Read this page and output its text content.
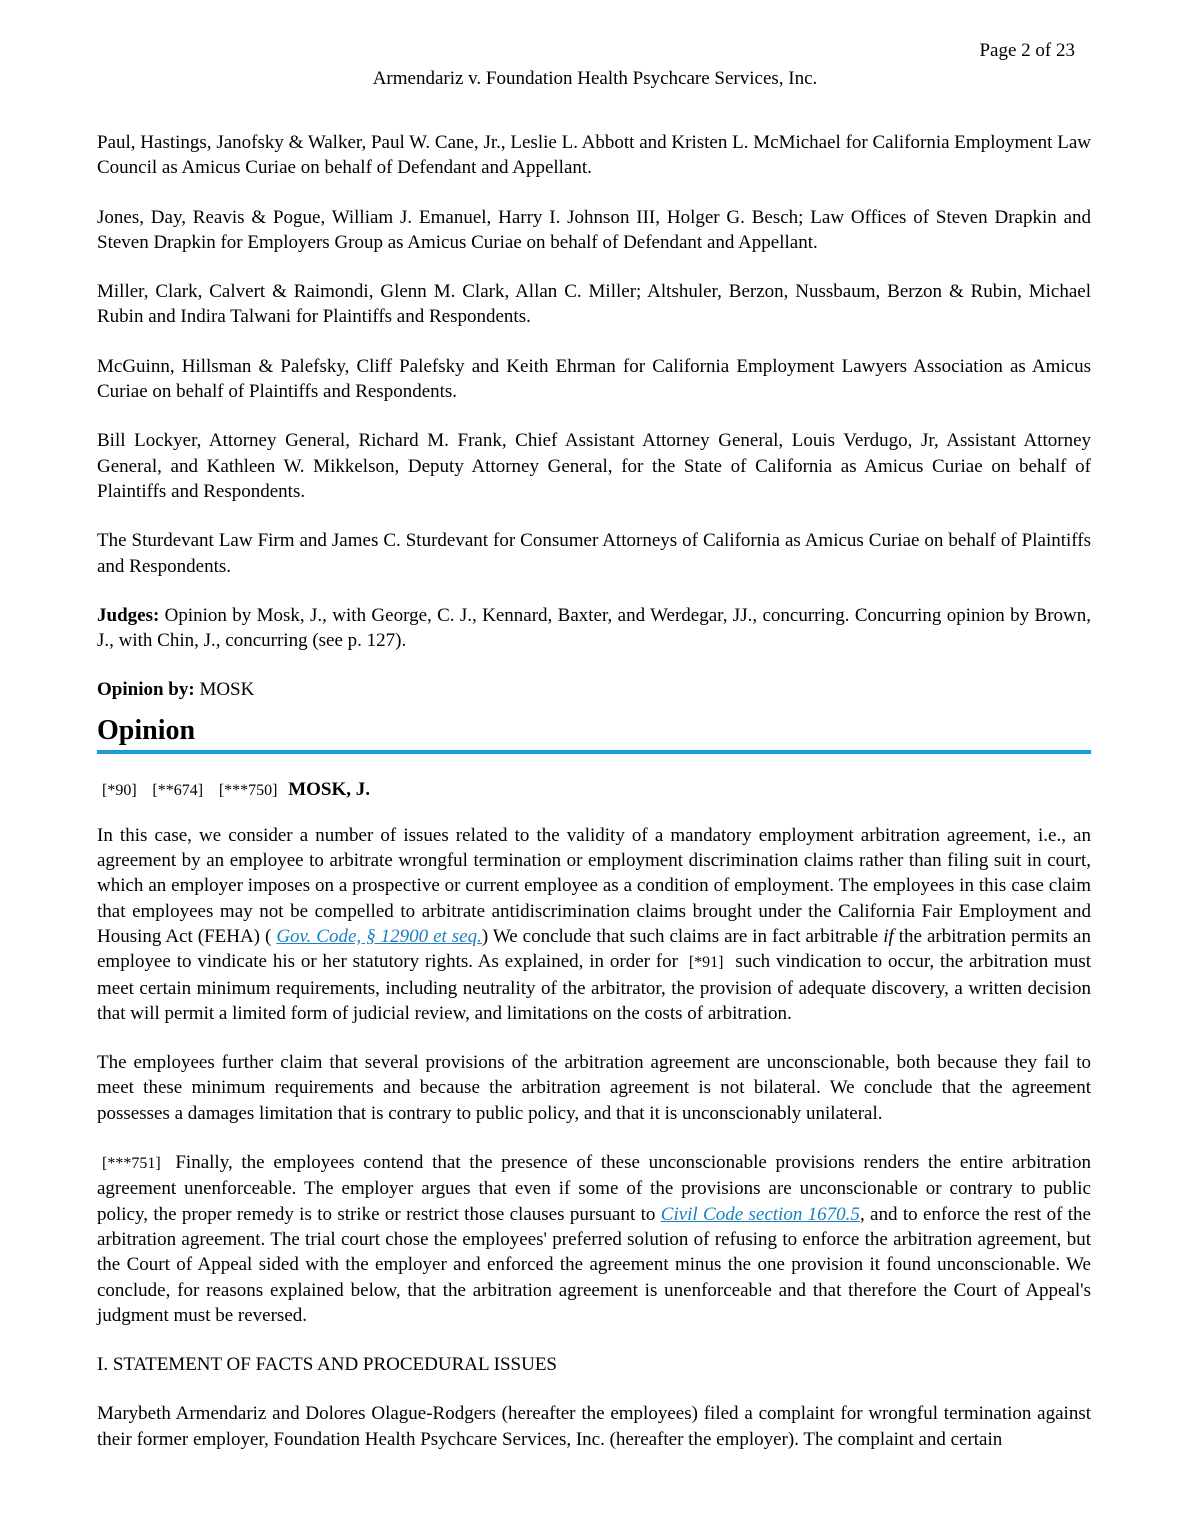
Page 2 of 23
Armendariz v. Foundation Health Psychcare Services, Inc.

Paul, Hastings, Janofsky & Walker, Paul W. Cane, Jr., Leslie L. Abbott and Kristen L. McMichael for California Employment Law Council as Amicus Curiae on behalf of Defendant and Appellant.

Jones, Day, Reavis & Pogue, William J. Emanuel, Harry I. Johnson III, Holger G. Besch; Law Offices of Steven Drapkin and Steven Drapkin for Employers Group as Amicus Curiae on behalf of Defendant and Appellant.

Miller, Clark, Calvert & Raimondi, Glenn M. Clark, Allan C. Miller; Altshuler, Berzon, Nussbaum, Berzon & Rubin, Michael Rubin and Indira Talwani for Plaintiffs and Respondents.

McGuinn, Hillsman & Palefsky, Cliff Palefsky and Keith Ehrman for California Employment Lawyers Association as Amicus Curiae on behalf of Plaintiffs and Respondents.

Bill Lockyer, Attorney General, Richard M. Frank, Chief Assistant Attorney General, Louis Verdugo, Jr, Assistant Attorney General, and Kathleen W. Mikkelson, Deputy Attorney General, for the State of California as Amicus Curiae on behalf of Plaintiffs and Respondents.

The Sturdevant Law Firm and James C. Sturdevant for Consumer Attorneys of California as Amicus Curiae on behalf of Plaintiffs and Respondents.

Judges: Opinion by Mosk, J., with George, C. J., Kennard, Baxter, and Werdegar, JJ., concurring. Concurring opinion by Brown, J., with Chin, J., concurring (see p. 127).

Opinion by: MOSK

Opinion
[*90] [**674] [***750] MOSK, J.

In this case, we consider a number of issues related to the validity of a mandatory employment arbitration agreement, i.e., an agreement by an employee to arbitrate wrongful termination or employment discrimination claims rather than filing suit in court, which an employer imposes on a prospective or current employee as a condition of employment. The employees in this case claim that employees may not be compelled to arbitrate antidiscrimination claims brought under the California Fair Employment and Housing Act (FEHA) ( Gov. Code, § 12900 et seq.) We conclude that such claims are in fact arbitrable if the arbitration permits an employee to vindicate his or her statutory rights. As explained, in order for [*91] such vindication to occur, the arbitration must meet certain minimum requirements, including neutrality of the arbitrator, the provision of adequate discovery, a written decision that will permit a limited form of judicial review, and limitations on the costs of arbitration.

The employees further claim that several provisions of the arbitration agreement are unconscionable, both because they fail to meet these minimum requirements and because the arbitration agreement is not bilateral. We conclude that the agreement possesses a damages limitation that is contrary to public policy, and that it is unconscionably unilateral.

[***751] Finally, the employees contend that the presence of these unconscionable provisions renders the entire arbitration agreement unenforceable. The employer argues that even if some of the provisions are unconscionable or contrary to public policy, the proper remedy is to strike or restrict those clauses pursuant to Civil Code section 1670.5, and to enforce the rest of the arbitration agreement. The trial court chose the employees' preferred solution of refusing to enforce the arbitration agreement, but the Court of Appeal sided with the employer and enforced the agreement minus the one provision it found unconscionable. We conclude, for reasons explained below, that the arbitration agreement is unenforceable and that therefore the Court of Appeal's judgment must be reversed.

I. STATEMENT OF FACTS AND PROCEDURAL ISSUES

Marybeth Armendariz and Dolores Olague-Rodgers (hereafter the employees) filed a complaint for wrongful termination against their former employer, Foundation Health Psychcare Services, Inc. (hereafter the employer). The complaint and certain
